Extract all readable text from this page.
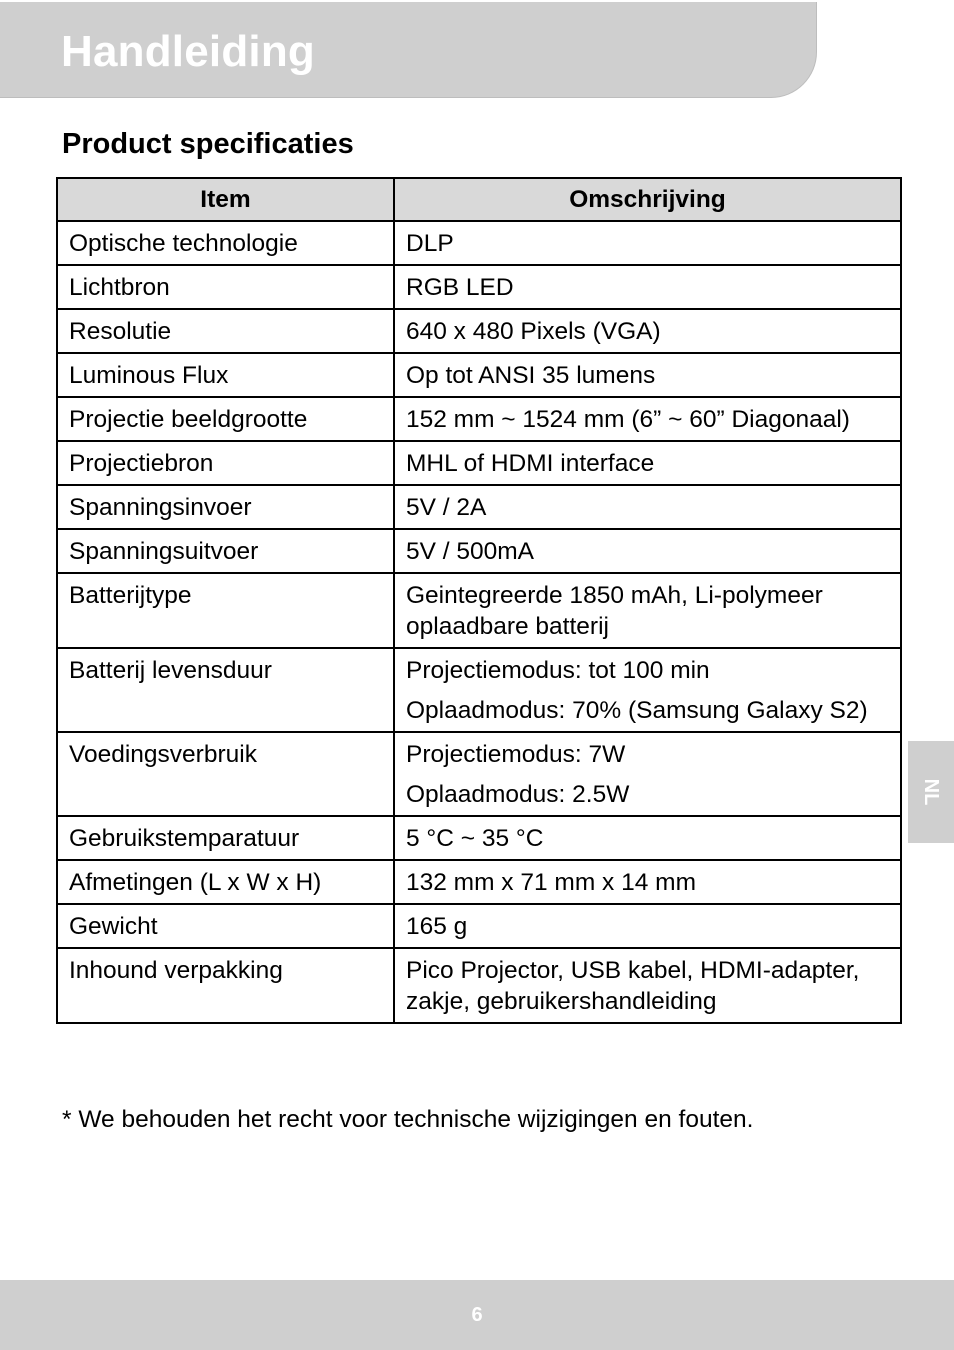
Handleiding
Product specificaties
Item	Omschrijving
Optische technologie	DLP

Lichtbron	RGB LED

Resolutie	640 x 480 Pixels (VGA)

Luminous Flux	Op tot ANSI 35 lumens

Projectie beeldgrootte	152 mm ~ 1524 mm (6” ~ 60” Diagonaal)

Projectiebron	MHL of HDMI interface

Spanningsinvoer	5V / 2A

Spanningsuitvoer	5V / 500mA

Batterijtype	Geintegreerde 1850 mAh, Li-polymeer oplaadbare batterij

Batterij levensduur	Projectiemodus: tot 100 min
Oplaadmodus: 70% (Samsung Galaxy S2)

Voedingsverbruik	Projectiemodus: 7W
Oplaadmodus: 2.5W

Gebruikstemparatuur	5 °C ~ 35 °C

Afmetingen (L x W x H)	132 mm x 71 mm x 14 mm

Gewicht	165 g

Inhound verpakking	Pico Projector, USB kabel, HDMI-adapter, zakje, gebruikershandleiding
* We behouden het recht voor technische wijzigingen en fouten.
NL
6
